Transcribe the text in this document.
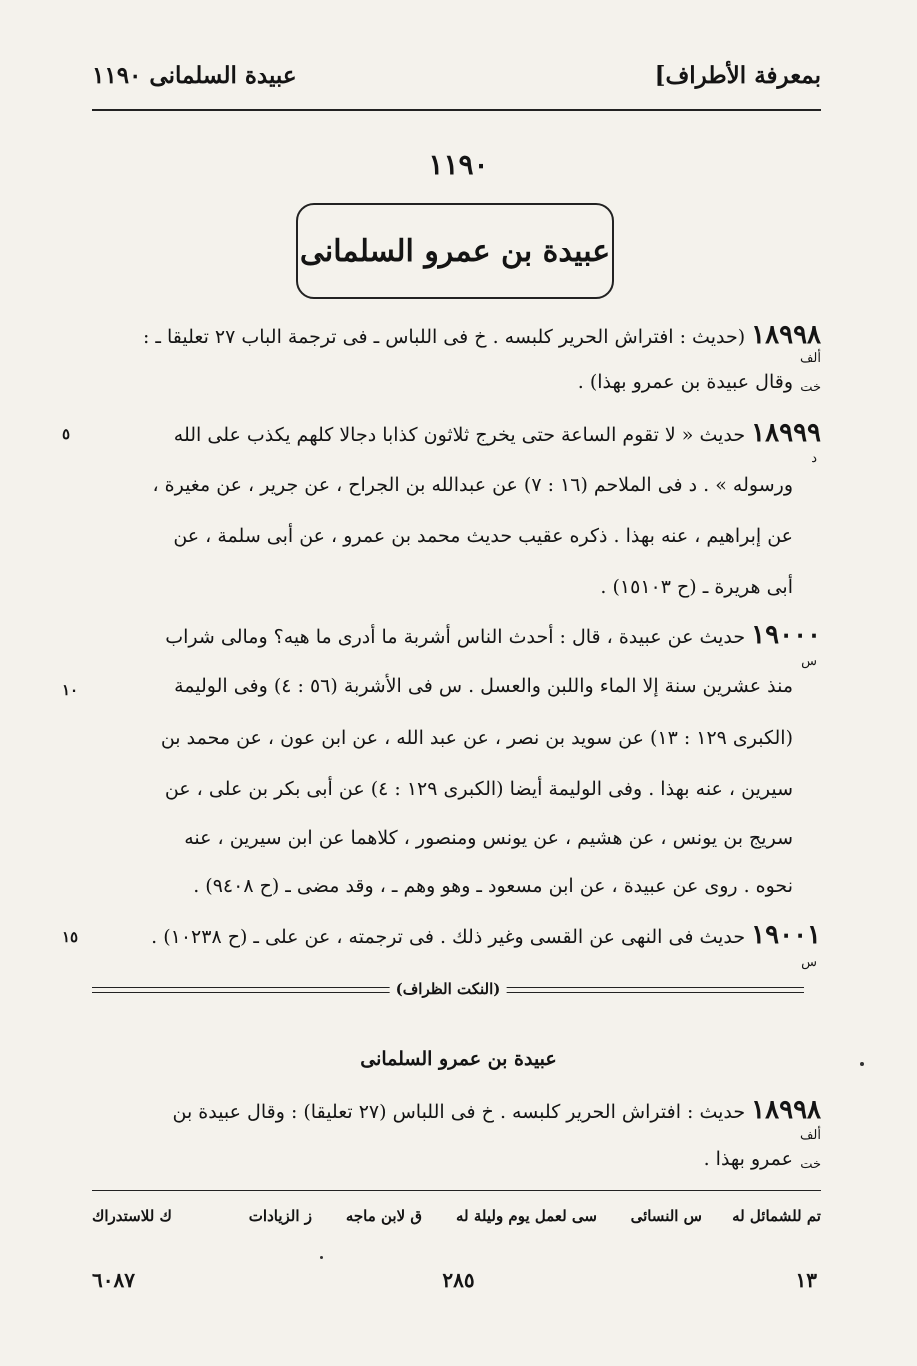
بمعرفة الأطراف]
عبيدة السلمانى ١١٩٠
١١٩٠
عبيدة بن عمرو السلمانى
١٨٩٩٨ (حديث : افتراش الحرير كلبسه . خ فى اللباس ـ فى ترجمة الباب ٢٧ تعليقا ـ :
ألف
خت
وقال عبيدة بن عمرو بهذا) .
١٨٩٩٩ حديث « لا تقوم الساعة حتى يخرج ثلاثون كذابا دجالا كلهم يكذب على الله
٥
د
ورسوله » . د فى الملاحم (١٦ : ٧) عن عبدالله بن الجراح ، عن جرير ، عن مغيرة ،
عن إبراهيم ، عنه بهذا . ذكره عقيب حديث محمد بن عمرو ، عن أبى سلمة ، عن
أبى هريرة ـ (ح ١٥١٠٣) .
١٩٠٠٠ حديث عن عبيدة ، قال : أحدث الناس أشربة ما أدرى ما هيه؟ ومالى شراب
س
منذ عشرين سنة إلا الماء واللبن والعسل . س فى الأشربة (٥٦ : ٤) وفى الوليمة
١٠
(الكبرى ١٢٩ : ١٣) عن سويد بن نصر ، عن عبد الله ، عن ابن عون ، عن محمد بن
سيرين ، عنه بهذا . وفى الوليمة أيضا (الكبرى ١٢٩ : ٤) عن أبى بكر بن على ، عن
سريج بن يونس ، عن هشيم ، عن يونس ومنصور ، كلاهما عن ابن سيرين ، عنه
نحوه . روى عن عبيدة ، عن ابن مسعود ـ وهو وهم ـ ، وقد مضى ـ (ح ٩٤٠٨) .
١٩٠٠١ حديث فى النهى عن القسى وغير ذلك . فى ترجمته ، عن على ـ (ح ١٠٢٣٨) .
١٥
س
(النكت الظراف)
عبيدة بن عمرو السلمانى
١٨٩٩٨ حديث : افتراش الحرير كلبسه . خ فى اللباس (٢٧ تعليقا) : وقال عبيدة بن
ألف
خت
عمرو بهذا .
تم للشمائل له
س النسائى
سى لعمل يوم وليلة له
ق لابن ماجه
ز الزيادات
ك للاستدراك
١٣
٢٨٥
٦٠٨٧
